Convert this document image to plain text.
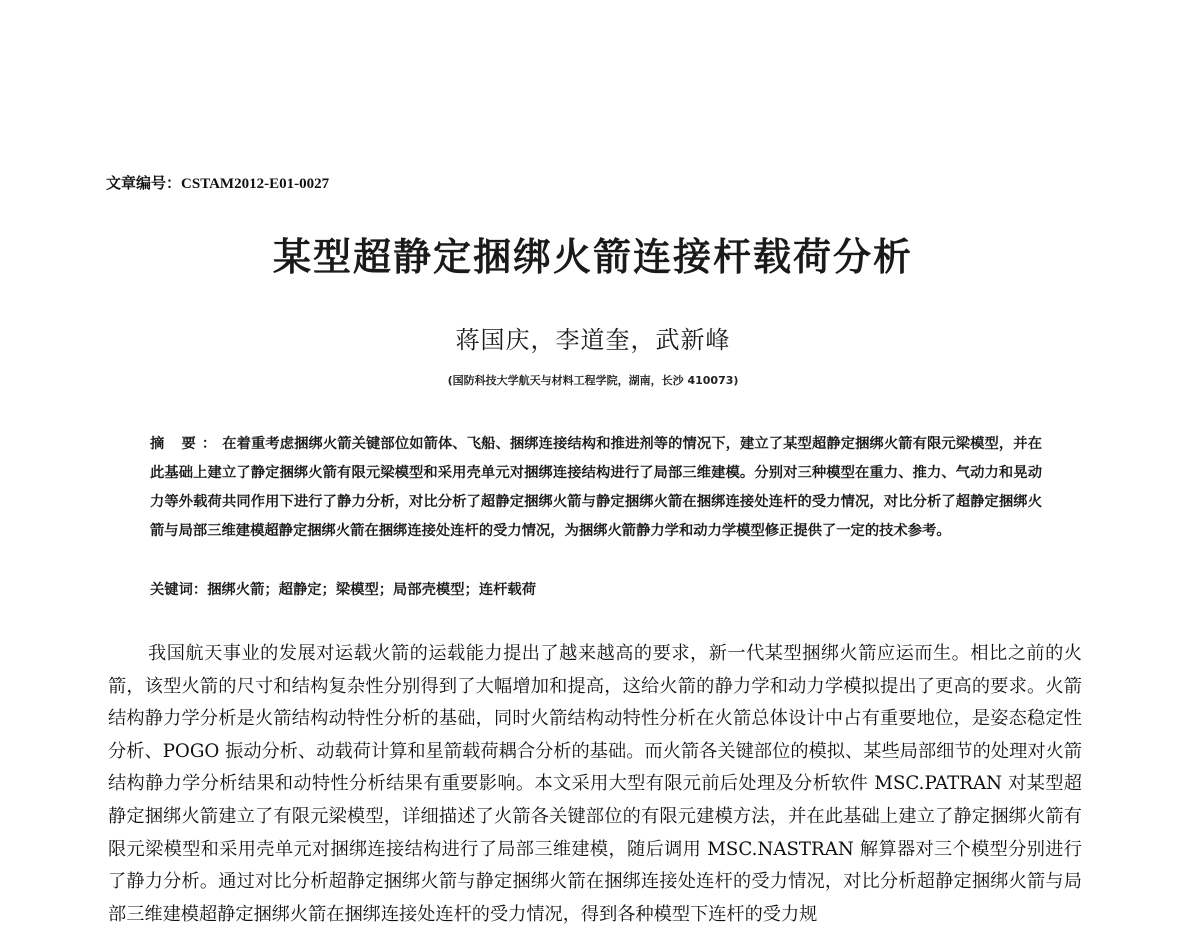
文章编号：CSTAM2012-E01-0027
某型超静定捆绑火箭连接杆载荷分析
蒋国庆，李道奎，武新峰
(国防科技大学航天与材料工程学院，湖南，长沙 410073)
摘 要：在着重考虑捆绑火箭关键部位如箭体、飞船、捆绑连接结构和推进剂等的情况下，建立了某型超静定捆绑火箭有限元梁模型，并在此基础上建立了静定捆绑火箭有限元梁模型和采用壳单元对捆绑连接结构进行了局部三维建模。分别对三种模型在重力、推力、气动力和晃动力等外载荷共同作用下进行了静力分析，对比分析了超静定捆绑火箭与静定捆绑火箭在捆绑连接处连杆的受力情况，对比分析了超静定捆绑火箭与局部三维建模超静定捆绑火箭在捆绑连接处连杆的受力情况，为捆绑火箭静力学和动力学模型修正提供了一定的技术参考。
关键词：捆绑火箭；超静定；梁模型；局部壳模型；连杆载荷
我国航天事业的发展对运载火箭的运载能力提出了越来越高的要求，新一代某型捆绑火箭应运而生。相比之前的火箭，该型火箭的尺寸和结构复杂性分别得到了大幅增加和提高，这给火箭的静力学和动力学模拟提出了更高的要求。火箭结构静力学分析是火箭结构动特性分析的基础，同时火箭结构动特性分析在火箭总体设计中占有重要地位，是姿态稳定性分析、POGO 振动分析、动载荷计算和星箭载荷耦合分析的基础。而火箭各关键部位的模拟、某些局部细节的处理对火箭结构静力学分析结果和动特性分析结果有重要影响。本文采用大型有限元前后处理及分析软件 MSC.PATRAN 对某型超静定捆绑火箭建立了有限元梁模型，详细描述了火箭各关键部位的有限元建模方法，并在此基础上建立了静定捆绑火箭有限元梁模型和采用壳单元对捆绑连接结构进行了局部三维建模，随后调用 MSC.NASTRAN 解算器对三个模型分别进行了静力分析。通过对比分析超静定捆绑火箭与静定捆绑火箭在捆绑连接处连杆的受力情况，对比分析超静定捆绑火箭与局部三维建模超静定捆绑火箭在捆绑连接处连杆的受力情况，得到各种模型下连杆的受力规
